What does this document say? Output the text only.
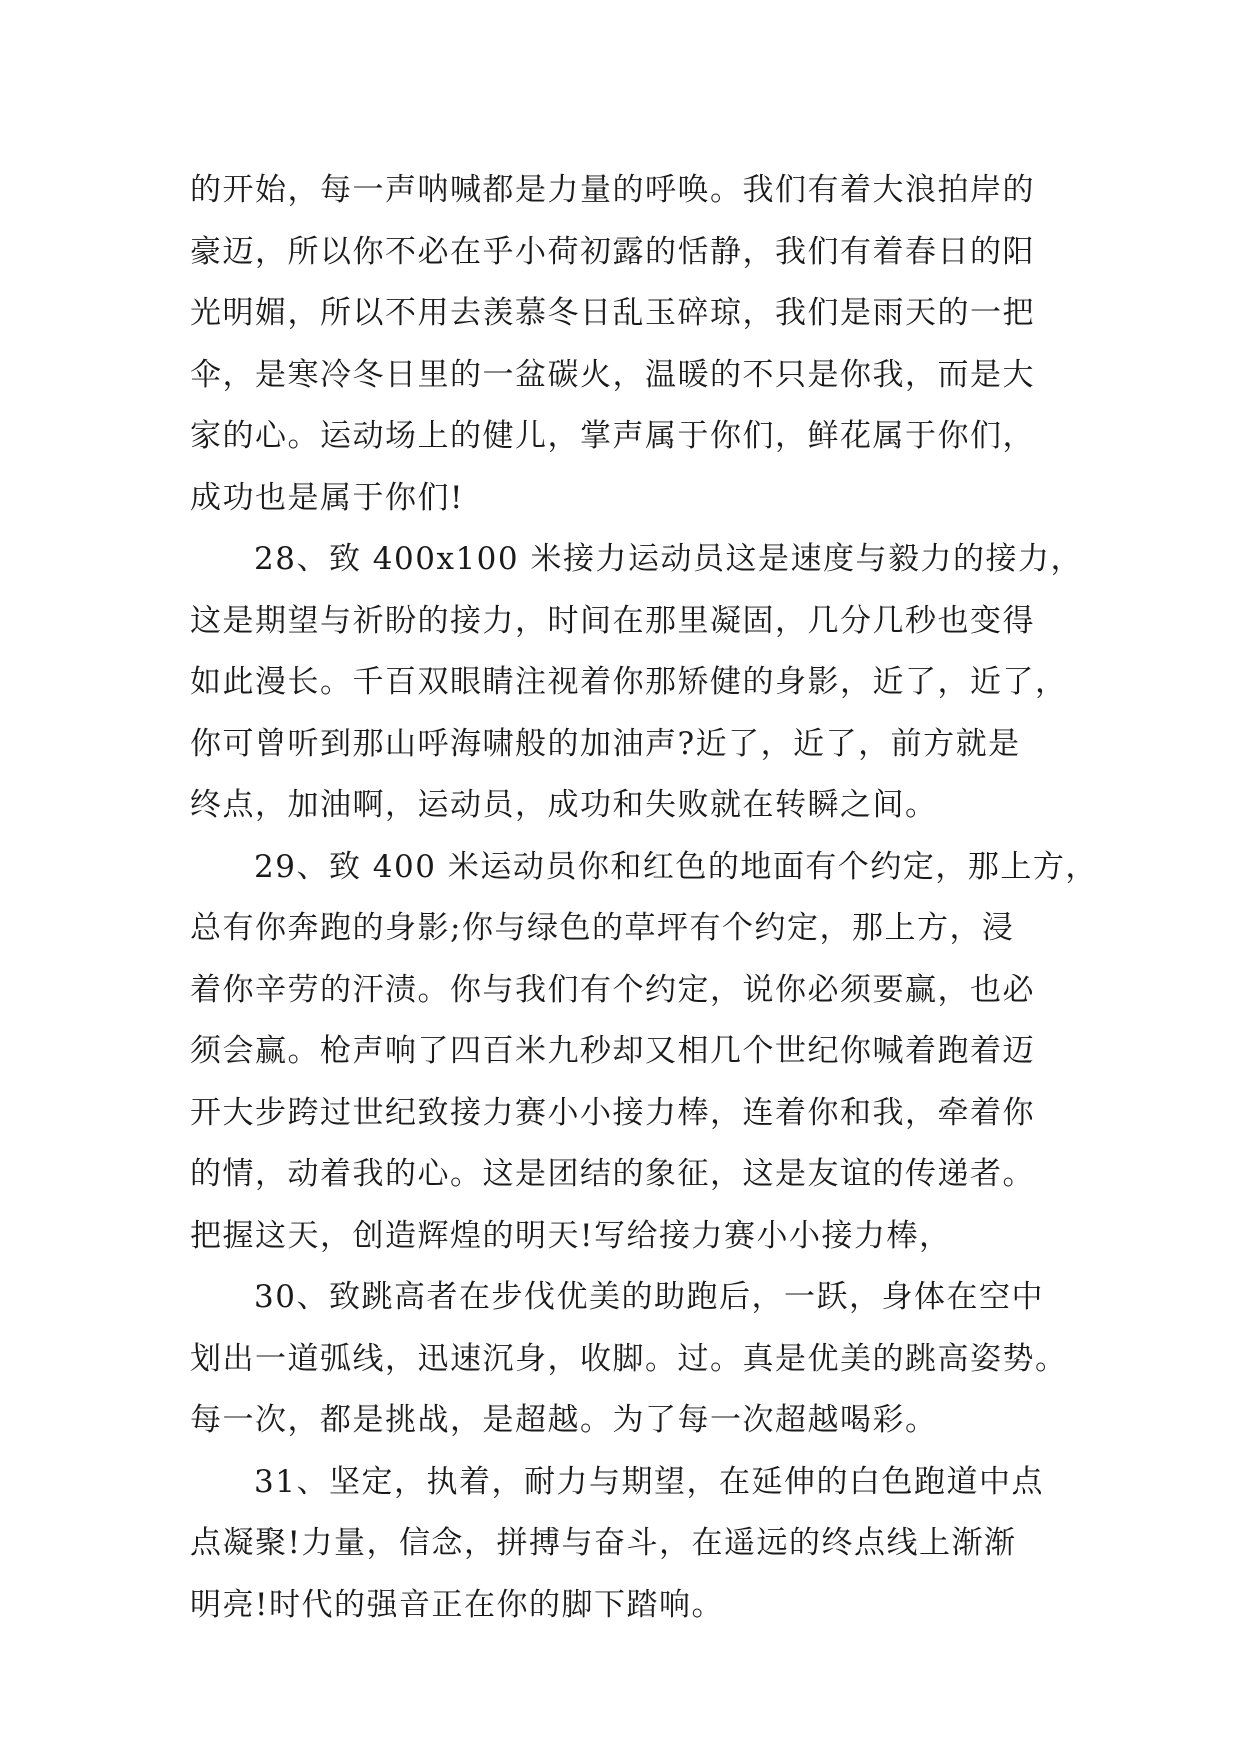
的开始，每一声呐喊都是力量的呼唤。我们有着大浪拍岸的
豪迈，所以你不必在乎小荷初露的恬静，我们有着春日的阳
光明媚，所以不用去羡慕冬日乱玉碎琼，我们是雨天的一把
伞，是寒冷冬日里的一盆碳火，温暖的不只是你我，而是大
家的心。运动场上的健儿，掌声属于你们，鲜花属于你们，
成功也是属于你们!
28、致 400x100 米接力运动员这是速度与毅力的接力，
这是期望与祈盼的接力，时间在那里凝固，几分几秒也变得
如此漫长。千百双眼睛注视着你那矫健的身影，近了，近了，
你可曾听到那山呼海啸般的加油声?近了，近了，前方就是
终点，加油啊，运动员，成功和失败就在转瞬之间。
29、致 400 米运动员你和红色的地面有个约定，那上方，
总有你奔跑的身影;你与绿色的草坪有个约定，那上方，浸
着你辛劳的汗渍。你与我们有个约定，说你必须要赢，也必
须会赢。枪声响了四百米九秒却又相几个世纪你喊着跑着迈
开大步跨过世纪致接力赛小小接力棒，连着你和我，牵着你
的情，动着我的心。这是团结的象征，这是友谊的传递者。
把握这天，创造辉煌的明天!写给接力赛小小接力棒，
30、致跳高者在步伐优美的助跑后，一跃，身体在空中
划出一道弧线，迅速沉身，收脚。过。真是优美的跳高姿势。
每一次，都是挑战，是超越。为了每一次超越喝彩。
31、坚定，执着，耐力与期望，在延伸的白色跑道中点
点凝聚!力量，信念，拼搏与奋斗，在遥远的终点线上渐渐
明亮!时代的强音正在你的脚下踏响。
